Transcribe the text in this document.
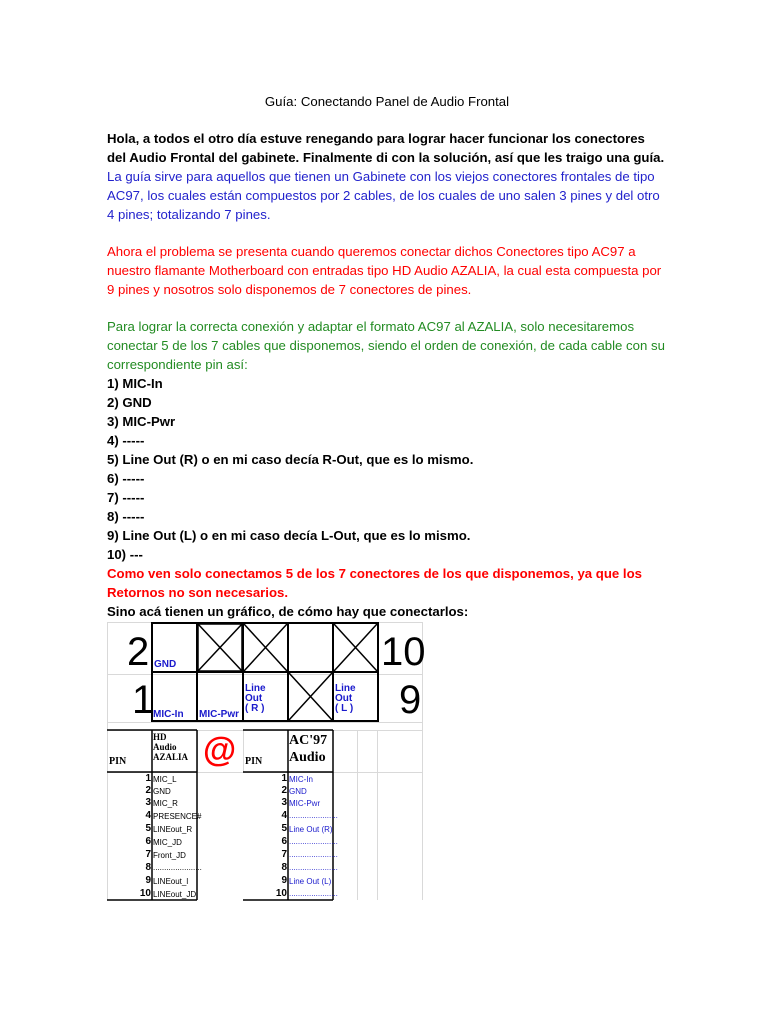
Guía: Conectando Panel de Audio Frontal
Hola, a todos el otro día estuve renegando para lograr hacer funcionar los conectores del Audio Frontal del gabinete. Finalmente di con la solución, así que les traigo una guía. La guía sirve para aquellos que tienen un Gabinete con los viejos conectores frontales de tipo AC97, los cuales están compuestos por 2 cables, de los cuales de uno salen 3 pines y del otro 4 pines; totalizando 7 pines.
Ahora el problema se presenta cuando queremos conectar dichos Conectores tipo AC97 a nuestro flamante Motherboard con entradas tipo HD Audio AZALIA, la cual esta compuesta por 9 pines y nosotros solo disponemos de 7 conectores de pines.
Para lograr la correcta conexión y adaptar el formato AC97 al AZALIA, solo necesitaremos conectar 5 de los 7 cables que disponemos, siendo el orden de conexión, de cada cable con su correspondiente pin así:
1) MIC-In
2) GND
3) MIC-Pwr
4) -----
5) Line Out (R) o en mi caso decía R-Out, que es lo mismo.
6) -----
7) -----
8) -----
9) Line Out (L) o en mi caso decía L-Out, que es lo mismo.
10) ---
Como ven solo conectamos 5 de los 7 conectores de los que disponemos, ya que los Retornos no son necesarios.
Sino acá tienen un gráfico, de cómo hay que conectarlos:
2	10
1	9
GND
MIC-In MIC-Pwr
Line
Out
( R )
Line
Out
( L )
PIN
HD
Audio
AZALIA @ PIN
AC'97
Audio
1 MIC_L
2 GND
3 MIC_R
4 PRESENCE#
5 LINEout_R
6 MIC_JD
7 Front_JD
8 ......................
9 LINEout_l
10 LINEout_JD
1 MIC-In
2 GND
3 MIC-Pwr
4 ......................
5 Line Out (R)
6 ......................
7 ......................
8 ......................
9 Line Out (L)
10 ......................
